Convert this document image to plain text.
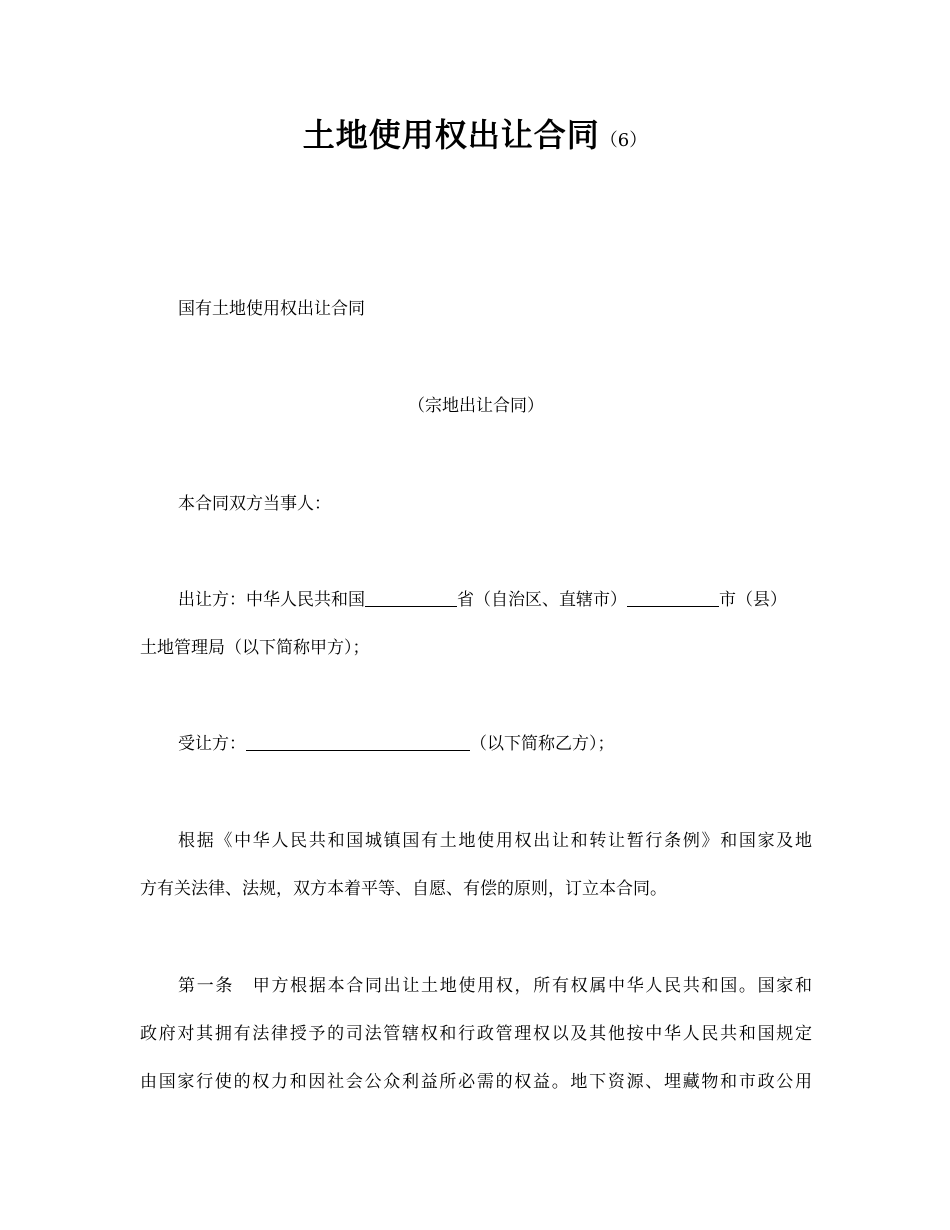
土地使用权出让合同（6）
国有土地使用权出让合同
（宗地出让合同）
本合同双方当事人：
出让方：中华人民共和国	省（自治区、直辖市）	市（县）
土地管理局（以下简称甲方）；
受让方：	（以下简称乙方）；
根据《中华人民共和国城镇国有土地使用权出让和转让暂行条例》和国家及地
方有关法律、法规，双方本着平等、自愿、有偿的原则，订立本合同。
第一条　甲方根据本合同出让土地使用权，所有权属中华人民共和国。国家和
政府对其拥有法律授予的司法管辖权和行政管理权以及其他按中华人民共和国规定
由国家行使的权力和因社会公众利益所必需的权益。地下资源、埋藏物和市政公用
